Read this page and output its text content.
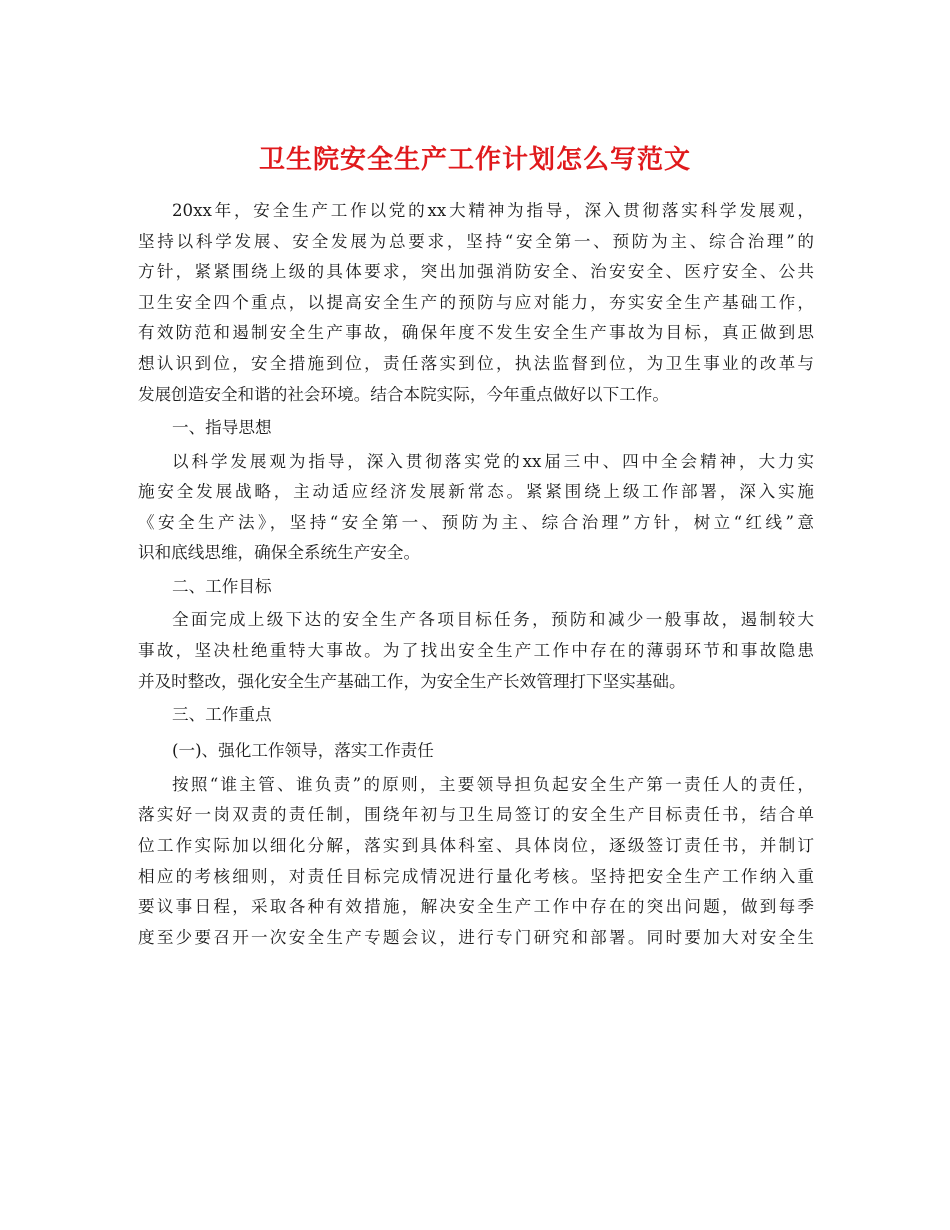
卫生院安全生产工作计划怎么写范文
20xx年，安全生产工作以党的xx大精神为指导，深入贯彻落实科学发展观，
坚持以科学发展、安全发展为总要求，坚持“安全第一、预防为主、综合治理”的
方针，紧紧围绕上级的具体要求，突出加强消防安全、治安安全、医疗安全、公共
卫生安全四个重点，以提高安全生产的预防与应对能力，夯实安全生产基础工作，
有效防范和遏制安全生产事故，确保年度不发生安全生产事故为目标，真正做到思
想认识到位，安全措施到位，责任落实到位，执法监督到位，为卫生事业的改革与
发展创造安全和谐的社会环境。结合本院实际，今年重点做好以下工作。
一、指导思想
以科学发展观为指导，深入贯彻落实党的xx届三中、四中全会精神，大力实
施安全发展战略，主动适应经济发展新常态。紧紧围绕上级工作部署，深入实施
《安全生产法》，坚持“安全第一、预防为主、综合治理”方针，树立“红线”意
识和底线思维，确保全系统生产安全。
二、工作目标
全面完成上级下达的安全生产各项目标任务，预防和减少一般事故，遏制较大
事故，坚决杜绝重特大事故。为了找出安全生产工作中存在的薄弱环节和事故隐患
并及时整改，强化安全生产基础工作，为安全生产长效管理打下坚实基础。
三、工作重点
(一)、强化工作领导，落实工作责任
按照“谁主管、谁负责”的原则，主要领导担负起安全生产第一责任人的责任，
落实好一岗双责的责任制，围绕年初与卫生局签订的安全生产目标责任书，结合单
位工作实际加以细化分解，落实到具体科室、具体岗位，逐级签订责任书，并制订
相应的考核细则，对责任目标完成情况进行量化考核。坚持把安全生产工作纳入重
要议事日程，采取各种有效措施，解决安全生产工作中存在的突出问题，做到每季
度至少要召开一次安全生产专题会议，进行专门研究和部署。同时要加大对安全生
